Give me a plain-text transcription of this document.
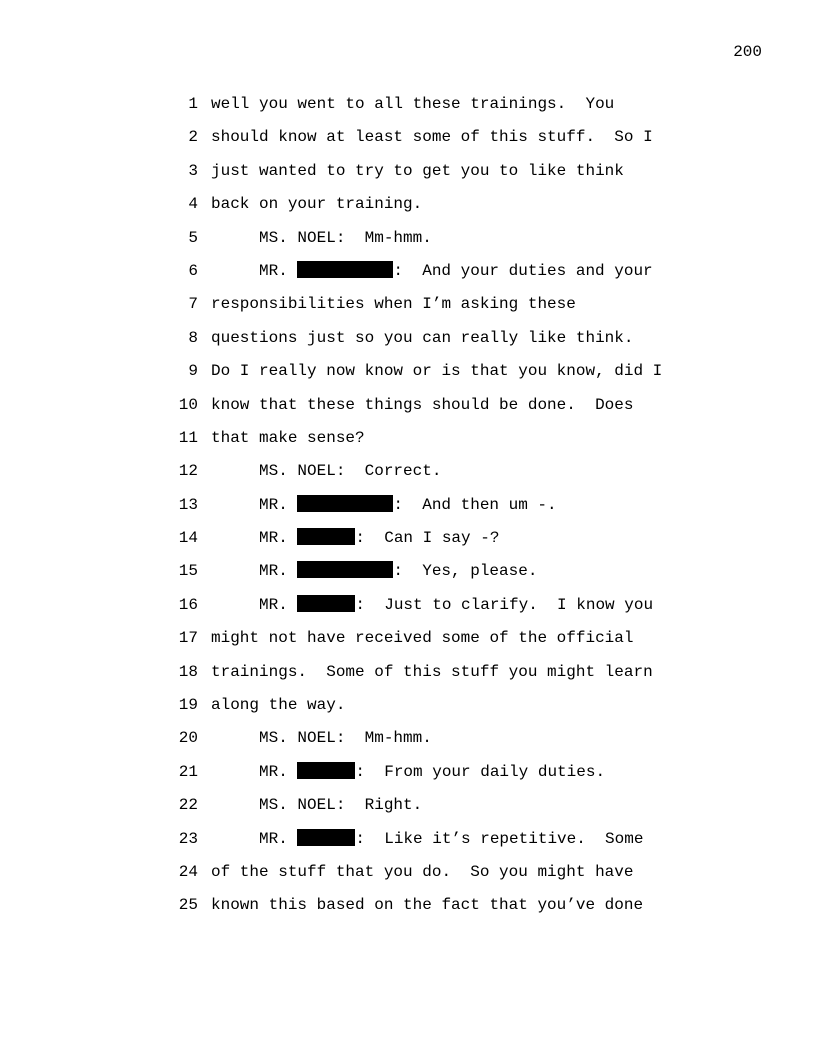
200

1

well you went to all these trainings.  You

2

should know at least some of this stuff.  So I

3

just wanted to try to get you to like think

4

back on your training.

5

	MS. NOEL:  Mm-hmm.

6

	MR.	:  And your duties and your

7

responsibilities when I’m asking these

8

questions just so you can really like think.

9

Do I really now know or is that you know, did I

10

know that these things should be done.  Does

11

that make sense?

12

	MS. NOEL:  Correct.

13

	MR.	:  And then um -.

14

	MR.	:  Can I say -?

15

	MR.	:  Yes, please.

16

	MR.	:  Just to clarify.  I know you

17

might not have received some of the official

18

trainings.  Some of this stuff you might learn

19

along the way.

20

	MS. NOEL:  Mm-hmm.

21

	MR.	:  From your daily duties.

22

	MS. NOEL:  Right.

23

	MR.	:  Like it’s repetitive.  Some

24

of the stuff that you do.  So you might have

25

known this based on the fact that you’ve done
